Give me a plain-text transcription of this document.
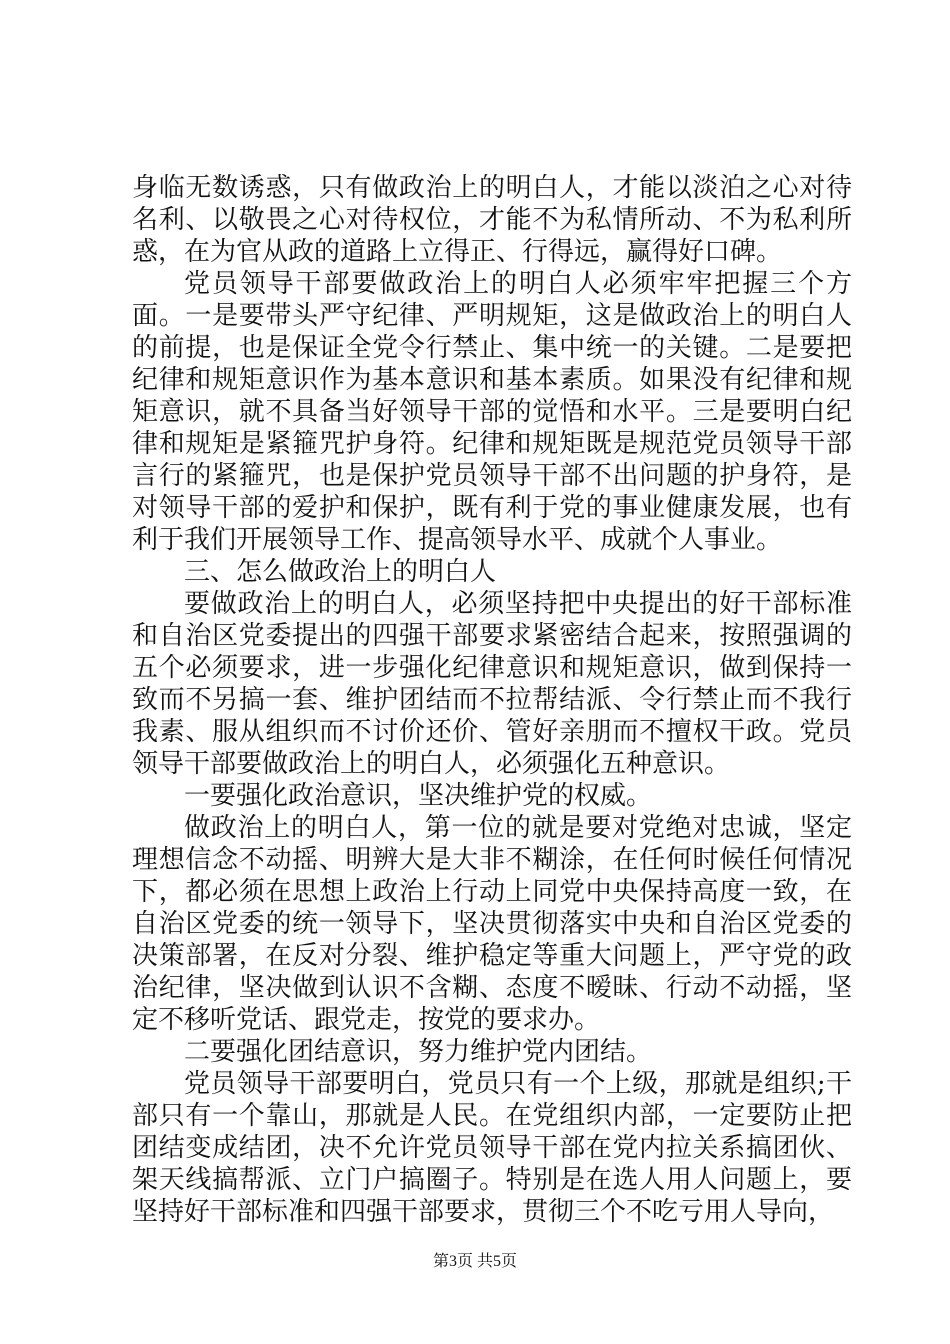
身临无数诱惑，只有做政治上的明白人，才能以淡泊之心对待名利、以敬畏之心对待权位，才能不为私情所动、不为私利所惑，在为官从政的道路上立得正、行得远，赢得好口碑。

党员领导干部要做政治上的明白人必须牢牢把握三个方面。一是要带头严守纪律、严明规矩，这是做政治上的明白人的前提，也是保证全党令行禁止、集中统一的关键。二是要把纪律和规矩意识作为基本意识和基本素质。如果没有纪律和规矩意识，就不具备当好领导干部的觉悟和水平。三是要明白纪律和规矩是紧箍咒护身符。纪律和规矩既是规范党员领导干部言行的紧箍咒，也是保护党员领导干部不出问题的护身符，是对领导干部的爱护和保护，既有利于党的事业健康发展，也有利于我们开展领导工作、提高领导水平、成就个人事业。

三、怎么做政治上的明白人

要做政治上的明白人，必须坚持把中央提出的好干部标准和自治区党委提出的四强干部要求紧密结合起来，按照强调的五个必须要求，进一步强化纪律意识和规矩意识，做到保持一致而不另搞一套、维护团结而不拉帮结派、令行禁止而不我行我素、服从组织而不讨价还价、管好亲朋而不擅权干政。党员领导干部要做政治上的明白人，必须强化五种意识。

一要强化政治意识，坚决维护党的权威。

做政治上的明白人，第一位的就是要对党绝对忠诚，坚定理想信念不动摇、明辨大是大非不糊涂，在任何时候任何情况下，都必须在思想上政治上行动上同党中央保持高度一致，在自治区党委的统一领导下，坚决贯彻落实中央和自治区党委的决策部署，在反对分裂、维护稳定等重大问题上，严守党的政治纪律，坚决做到认识不含糊、态度不暧昧、行动不动摇，坚定不移听党话、跟党走，按党的要求办。

二要强化团结意识，努力维护党内团结。

党员领导干部要明白，党员只有一个上级，那就是组织;干部只有一个靠山，那就是人民。在党组织内部，一定要防止把团结变成结团，决不允许党员领导干部在党内拉关系搞团伙、架天线搞帮派、立门户搞圈子。特别是在选人用人问题上，要坚持好干部标准和四强干部要求，贯彻三个不吃亏用人导向，

第3页 共5页
